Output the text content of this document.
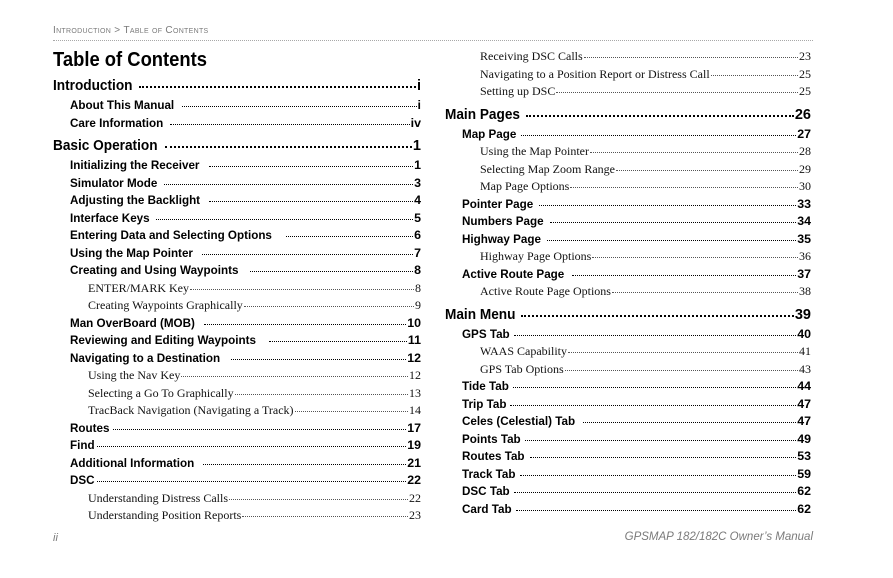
Introduction > Table of Contents
Table of Contents
Introduction	i
About This Manual	i
Care Information	iv
Basic Operation	1
Initializing the Receiver	1
Simulator Mode	3
Adjusting the Backlight	4
Interface Keys	5
Entering Data and Selecting Options	6
Using the Map Pointer	7
Creating and Using Waypoints	8
ENTER/MARK Key	8
Creating Waypoints Graphically	9
Man OverBoard (MOB)	10
Reviewing and Editing Waypoints	11
Navigating to a Destination	12
Using the Nav Key	12
Selecting a Go To Graphically	13
TracBack Navigation (Navigating a Track)	14
Routes	17
Find	19
Additional Information	21
DSC	22
Understanding Distress Calls	22
Understanding Position Reports	23
Receiving DSC Calls	23
Navigating to a Position Report or Distress Call	25
Setting up DSC	25
Main Pages	26
Map Page	27
Using the Map Pointer	28
Selecting Map Zoom Range	29
Map Page Options	30
Pointer Page	33
Numbers Page	34
Highway Page	35
Highway Page Options	36
Active Route Page	37
Active Route Page Options	38
Main Menu	39
GPS Tab	40
WAAS Capability	41
GPS Tab Options	43
Tide Tab	44
Trip Tab	47
Celes (Celestial) Tab	47
Points Tab	49
Routes Tab	53
Track Tab	59
DSC Tab	62
Card Tab	62
ii	GPSMAP 182/182C Owner’s Manual
